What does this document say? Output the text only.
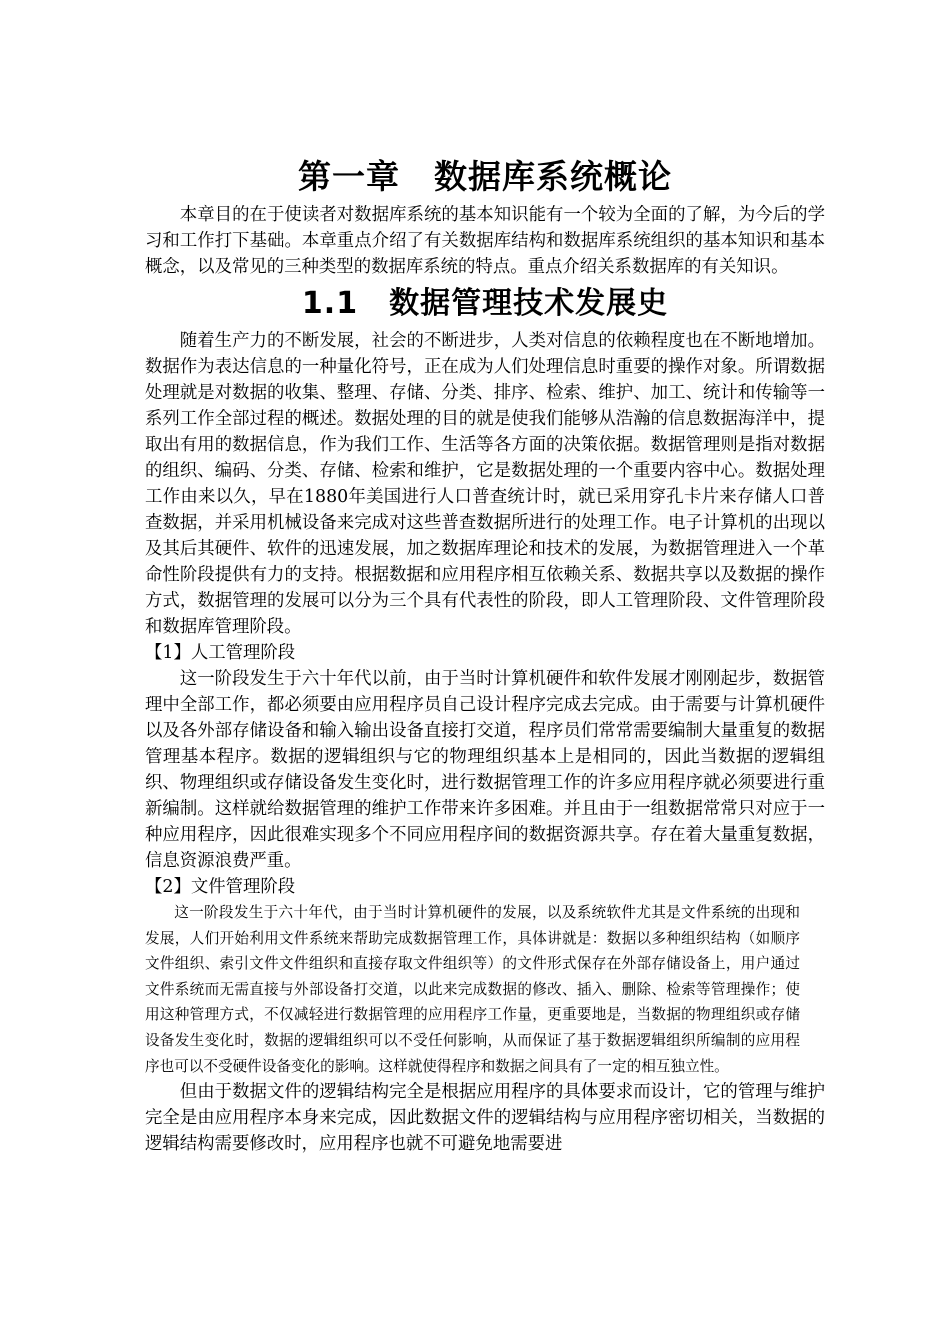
第一章　数据库系统概论

本章目的在于使读者对数据库系统的基本知识能有一个较为全面的了解，为今后的学习和工作打下基础。本章重点介绍了有关数据库结构和数据库系统组织的基本知识和基本概念，以及常见的三种类型的数据库系统的特点。重点介绍关系数据库的有关知识。

1.1　数据管理技术发展史

随着生产力的不断发展，社会的不断进步，人类对信息的依赖程度也在不断地增加。数据作为表达信息的一种量化符号，正在成为人们处理信息时重要的操作对象。所谓数据处理就是对数据的收集、整理、存储、分类、排序、检索、维护、加工、统计和传输等一系列工作全部过程的概述。数据处理的目的就是使我们能够从浩瀚的信息数据海洋中，提取出有用的数据信息，作为我们工作、生活等各方面的决策依据。数据管理则是指对数据的组织、编码、分类、存储、检索和维护，它是数据处理的一个重要内容中心。数据处理工作由来以久，早在1880年美国进行人口普查统计时，就已采用穿孔卡片来存储人口普查数据，并采用机械设备来完成对这些普查数据所进行的处理工作。电子计算机的出现以及其后其硬件、软件的迅速发展，加之数据库理论和技术的发展，为数据管理进入一个革命性阶段提供有力的支持。根据数据和应用程序相互依赖关系、数据共享以及数据的操作方式，数据管理的发展可以分为三个具有代表性的阶段，即人工管理阶段、文件管理阶段和数据库管理阶段。

【1】人工管理阶段

这一阶段发生于六十年代以前，由于当时计算机硬件和软件发展才刚刚起步，数据管理中全部工作，都必须要由应用程序员自己设计程序完成去完成。由于需要与计算机硬件以及各外部存储设备和输入输出设备直接打交道，程序员们常常需要编制大量重复的数据管理基本程序。数据的逻辑组织与它的物理组织基本上是相同的，因此当数据的逻辑组织、物理组织或存储设备发生变化时，进行数据管理工作的许多应用程序就必须要进行重新编制。这样就给数据管理的维护工作带来许多困难。并且由于一组数据常常只对应于一种应用程序，因此很难实现多个不同应用程序间的数据资源共享。存在着大量重复数据，信息资源浪费严重。

【2】文件管理阶段

这一阶段发生于六十年代，由于当时计算机硬件的发展，以及系统软件尤其是文件系统的出现和发展，人们开始利用文件系统来帮助完成数据管理工作，具体讲就是：数据以多种组织结构（如顺序文件组织、索引文件文件组织和直接存取文件组织等）的文件形式保存在外部存储设备上，用户通过文件系统而无需直接与外部设备打交道，以此来完成数据的修改、插入、删除、检索等管理操作；使用这种管理方式，不仅减轻进行数据管理的应用程序工作量，更重要地是，当数据的物理组织或存储设备发生变化时，数据的逻辑组织可以不受任何影响，从而保证了基于数据逻辑组织所编制的应用程序也可以不受硬件设备变化的影响。这样就使得程序和数据之间具有了一定的相互独立性。

但由于数据文件的逻辑结构完全是根据应用程序的具体要求而设计，它的管理与维护完全是由应用程序本身来完成，因此数据文件的逻辑结构与应用程序密切相关，当数据的逻辑结构需要修改时，应用程序也就不可避免地需要进
